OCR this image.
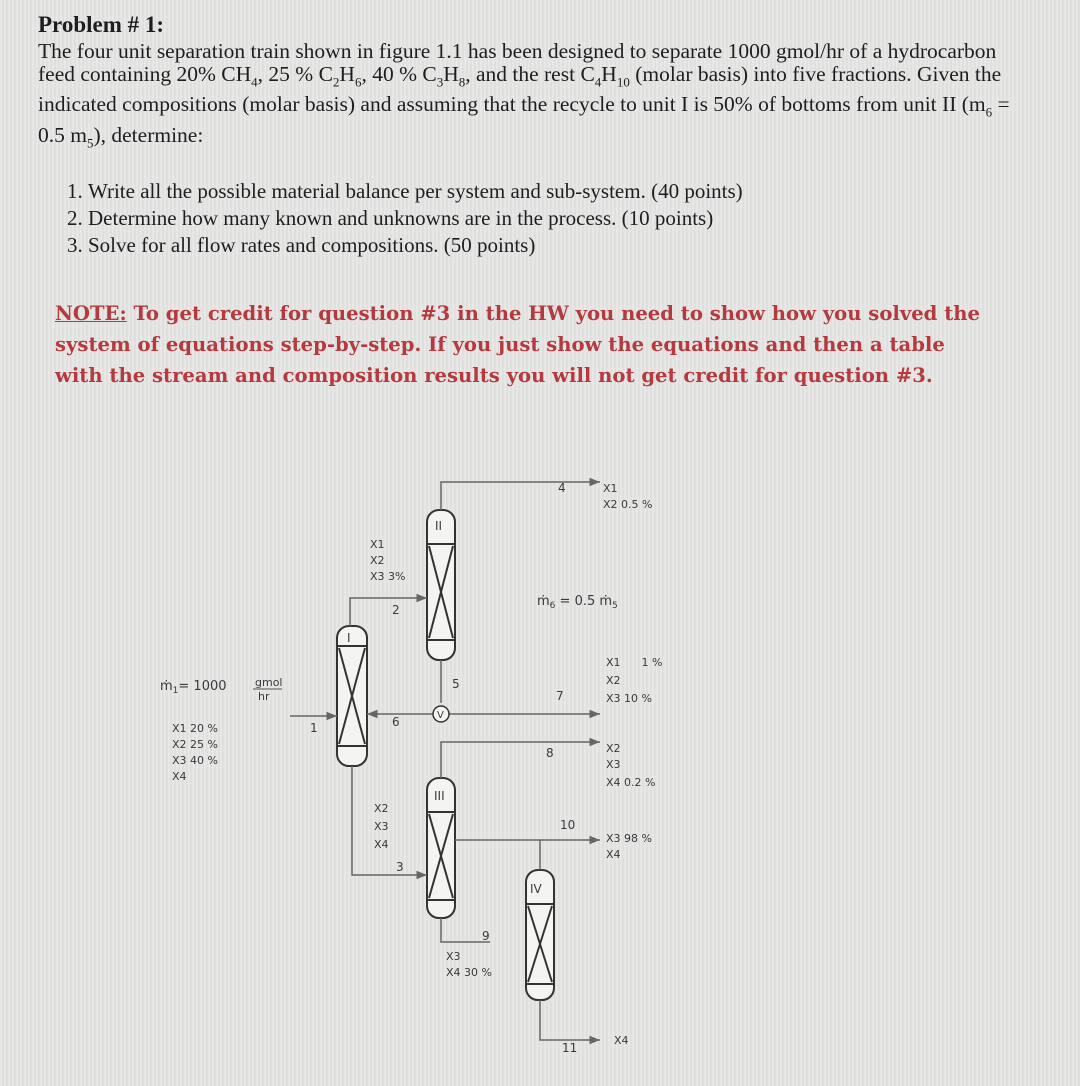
Problem # 1:

The four unit separation train shown in figure 1.1 has been designed to separate 1000 gmol/hr of a hydrocarbon feed containing 20% $CH_4$, 25 % $C_2H_6$, 40 % $C_3H_8$, and the rest $C_4H_{10}$ (molar basis) into five fractions. Given the indicated compositions (molar basis) and assuming that the recycle to unit I is 50% of bottoms from unit II ($m_6 = 0.5$ $m_5$), determine:

1. Write all the possible material balance per system and sub-system. (40 points)
2. Determine how many known and unknowns are in the process. (10 points)
3. Solve for all flow rates and compositions. (50 points)
NOTE: To get credit for question #3 in the HW you need to show how you solved the system of equations step-by-step. If you just show the equations and then a table with the stream and composition results you will not get credit for question #3.
I
II
III
IV
V
1
2
3
4
5
6
7
8
9
10
11
ṁ$_1$= 1000	gmol
hr
X1 20 %
X2 25 %
X3 40 %
X4
X1
X2
X3 3%
X2
X3
X4
X1
X2 0.5 %
ṁ$_6$ = 0.5 ṁ$_5$
X1      1 %
X2
X3 10 %
X2
X3
X4 0.2 %
X3 98 %
X4
X3
X4 30 %
X4
